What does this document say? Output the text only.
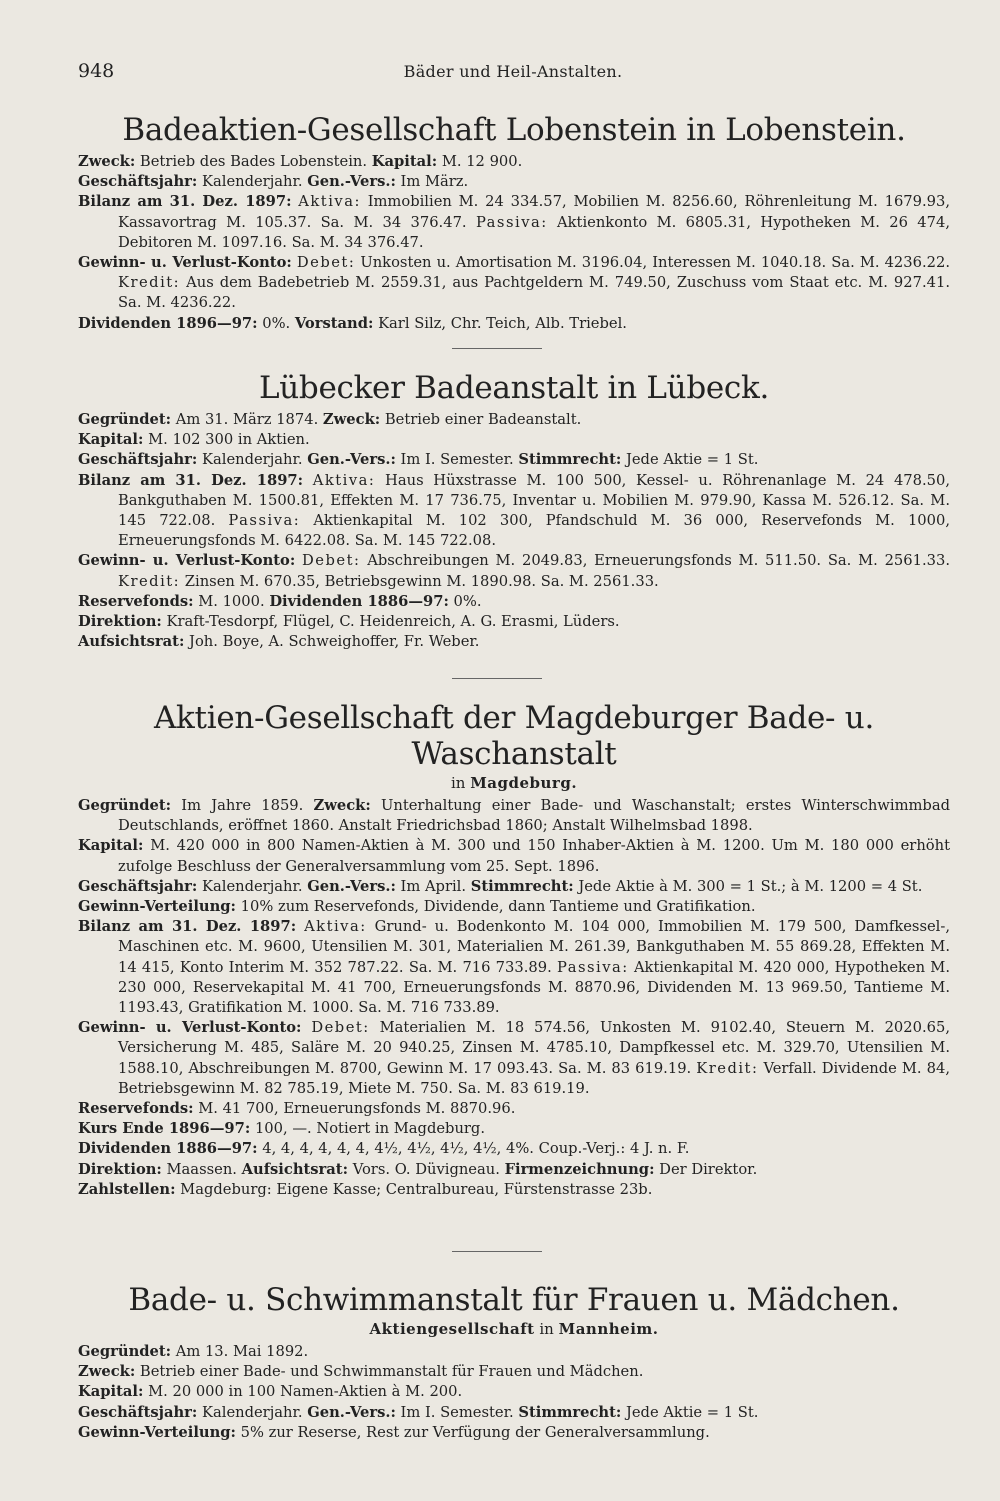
948	Bäder und Heil-Anstalten.
Badeaktien-Gesellschaft Lobenstein in Lobenstein.

Zweck: Betrieb des Bades Lobenstein. Kapital: M. 12 900.

Geschäftsjahr: Kalenderjahr. Gen.-Vers.: Im März.

Bilanz am 31. Dez. 1897: Aktiva: Immobilien M. 24 334.57, Mobilien M. 8256.60, Röhrenleitung M. 1679.93, Kassavortrag M. 105.37. Sa. M. 34 376.47. Passiva: Aktienkonto M. 6805.31, Hypotheken M. 26 474, Debitoren M. 1097.16. Sa. M. 34 376.47.

Gewinn- u. Verlust-Konto: Debet: Unkosten u. Amortisation M. 3196.04, Interessen M. 1040.18. Sa. M. 4236.22. Kredit: Aus dem Badebetrieb M. 2559.31, aus Pachtgeldern M. 749.50, Zuschuss vom Staat etc. M. 927.41. Sa. M. 4236.22.

Dividenden 1896—97: 0%. Vorstand: Karl Silz, Chr. Teich, Alb. Triebel.

Lübecker Badeanstalt in Lübeck.

Gegründet: Am 31. März 1874. Zweck: Betrieb einer Badeanstalt.

Kapital: M. 102 300 in Aktien.

Geschäftsjahr: Kalenderjahr. Gen.-Vers.: Im I. Semester. Stimmrecht: Jede Aktie = 1 St.

Bilanz am 31. Dez. 1897: Aktiva: Haus Hüxstrasse M. 100 500, Kessel- u. Röhrenanlage M. 24 478.50, Bankguthaben M. 1500.81, Effekten M. 17 736.75, Inventar u. Mobilien M. 979.90, Kassa M. 526.12. Sa. M. 145 722.08. Passiva: Aktienkapital M. 102 300, Pfandschuld M. 36 000, Reservefonds M. 1000, Erneuerungsfonds M. 6422.08. Sa. M. 145 722.08.

Gewinn- u. Verlust-Konto: Debet: Abschreibungen M. 2049.83, Erneuerungsfonds M. 511.50. Sa. M. 2561.33. Kredit: Zinsen M. 670.35, Betriebsgewinn M. 1890.98. Sa. M. 2561.33.

Reservefonds: M. 1000. Dividenden 1886—97: 0%.

Direktion: Kraft-Tesdorpf, Flügel, C. Heidenreich, A. G. Erasmi, Lüders.

Aufsichtsrat: Joh. Boye, A. Schweighoffer, Fr. Weber.

Aktien-Gesellschaft der Magdeburger Bade- u. Waschanstalt
in Magdeburg.

Gegründet: Im Jahre 1859. Zweck: Unterhaltung einer Bade- und Waschanstalt; erstes Winterschwimmbad Deutschlands, eröffnet 1860. Anstalt Friedrichsbad 1860; Anstalt Wilhelmsbad 1898.

Kapital: M. 420 000 in 800 Namen-Aktien à M. 300 und 150 Inhaber-Aktien à M. 1200. Um M. 180 000 erhöht zufolge Beschluss der Generalversammlung vom 25. Sept. 1896.

Geschäftsjahr: Kalenderjahr. Gen.-Vers.: Im April. Stimmrecht: Jede Aktie à M. 300 = 1 St.; à M. 1200 = 4 St.

Gewinn-Verteilung: 10% zum Reservefonds, Dividende, dann Tantieme und Gratifikation.

Bilanz am 31. Dez. 1897: Aktiva: Grund- u. Bodenkonto M. 104 000, Immobilien M. 179 500, Damfkessel-, Maschinen etc. M. 9600, Utensilien M. 301, Materialien M. 261.39, Bankguthaben M. 55 869.28, Effekten M. 14 415, Konto Interim M. 352 787.22. Sa. M. 716 733.89. Passiva: Aktienkapital M. 420 000, Hypotheken M. 230 000, Reservekapital M. 41 700, Erneuerungsfonds M. 8870.96, Dividenden M. 13 969.50, Tantieme M. 1193.43, Gratifikation M. 1000. Sa. M. 716 733.89.

Gewinn- u. Verlust-Konto: Debet: Materialien M. 18 574.56, Unkosten M. 9102.40, Steuern M. 2020.65, Versicherung M. 485, Saläre M. 20 940.25, Zinsen M. 4785.10, Dampfkessel etc. M. 329.70, Utensilien M. 1588.10, Abschreibungen M. 8700, Gewinn M. 17 093.43. Sa. M. 83 619.19. Kredit: Verfall. Dividende M. 84, Betriebsgewinn M. 82 785.19, Miete M. 750. Sa. M. 83 619.19.

Reservefonds: M. 41 700, Erneuerungsfonds M. 8870.96.

Kurs Ende 1896—97: 100, —. Notiert in Magdeburg.

Dividenden 1886—97: 4, 4, 4, 4, 4, 4, 4½, 4½, 4½, 4½, 4%. Coup.-Verj.: 4 J. n. F.

Direktion: Maassen. Aufsichtsrat: Vors. O. Düvigneau. Firmenzeichnung: Der Direktor.

Zahlstellen: Magdeburg: Eigene Kasse; Centralbureau, Fürstenstrasse 23b.

Bade- u. Schwimmanstalt für Frauen u. Mädchen.
Aktiengesellschaft in Mannheim.

Gegründet: Am 13. Mai 1892.

Zweck: Betrieb einer Bade- und Schwimmanstalt für Frauen und Mädchen.

Kapital: M. 20 000 in 100 Namen-Aktien à M. 200.

Geschäftsjahr: Kalenderjahr. Gen.-Vers.: Im I. Semester. Stimmrecht: Jede Aktie = 1 St.

Gewinn-Verteilung: 5% zur Reserse, Rest zur Verfügung der Generalversammlung.
